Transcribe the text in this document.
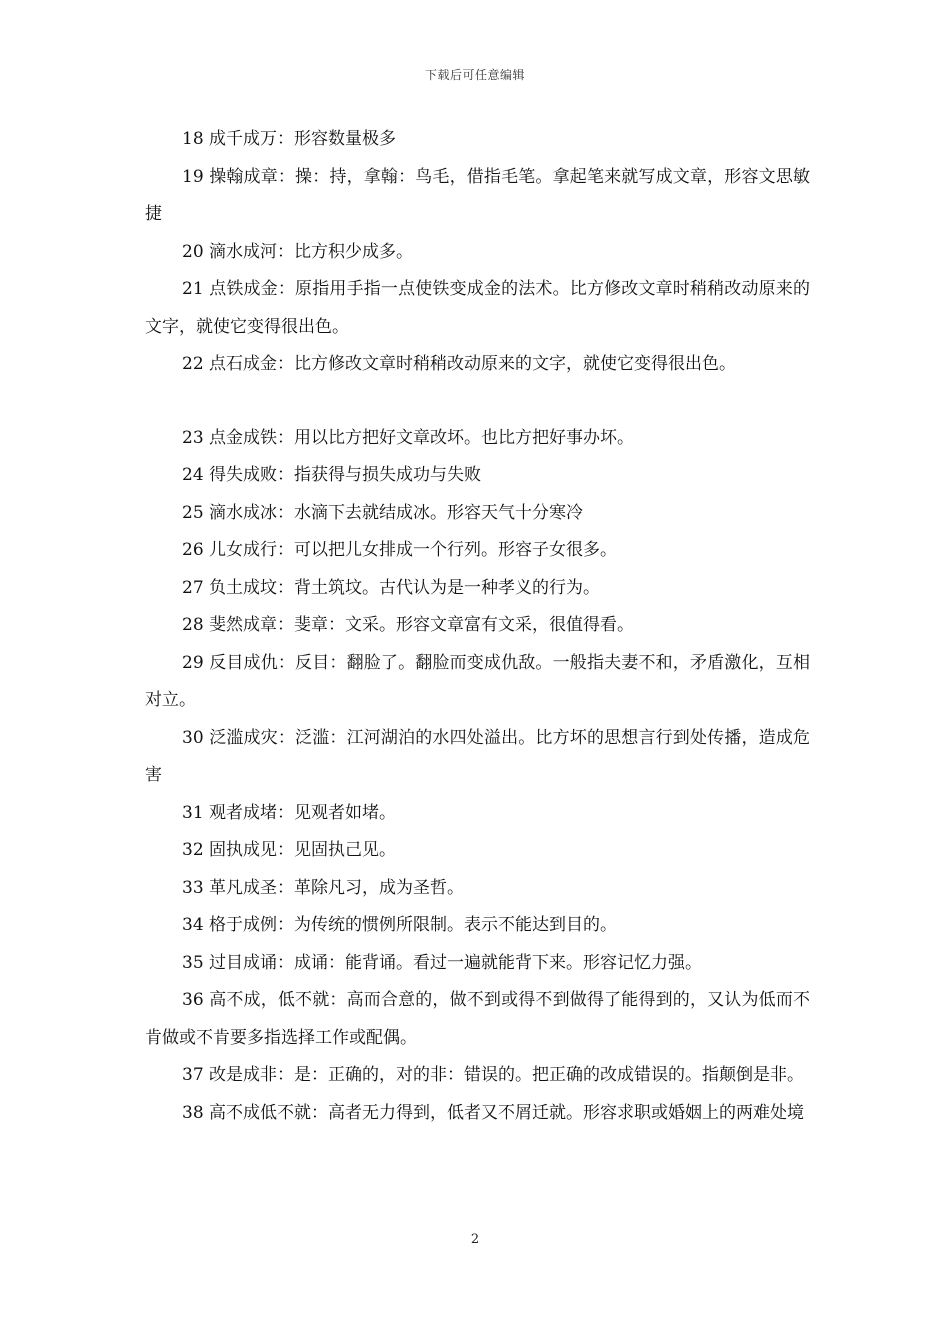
下载后可任意编辑

18 成千成万：形容数量极多

19 操翰成章：操：持，拿翰：鸟毛，借指毛笔。拿起笔来就写成文章，形容文思敏捷

20 滴水成河：比方积少成多。

21 点铁成金：原指用手指一点使铁变成金的法术。比方修改文章时稍稍改动原来的文字，就使它变得很出色。

22 点石成金：比方修改文章时稍稍改动原来的文字，就使它变得很出色。

23 点金成铁：用以比方把好文章改坏。也比方把好事办坏。

24 得失成败：指获得与损失成功与失败

25 滴水成冰：水滴下去就结成冰。形容天气十分寒冷

26 儿女成行：可以把儿女排成一个行列。形容子女很多。

27 负土成坟：背土筑坟。古代认为是一种孝义的行为。

28 斐然成章：斐章：文采。形容文章富有文采，很值得看。

29 反目成仇：反目：翻脸了。翻脸而变成仇敌。一般指夫妻不和，矛盾激化，互相对立。

30 泛滥成灾：泛滥：江河湖泊的水四处溢出。比方坏的思想言行到处传播，造成危害

31 观者成堵：见观者如堵。

32 固执成见：见固执己见。

33 革凡成圣：革除凡习，成为圣哲。

34 格于成例：为传统的惯例所限制。表示不能达到目的。

35 过目成诵：成诵：能背诵。看过一遍就能背下来。形容记忆力强。

36 高不成，低不就：高而合意的，做不到或得不到做得了能得到的，又认为低而不肯做或不肯要多指选择工作或配偶。

37 改是成非：是：正确的，对的非：错误的。把正确的改成错误的。指颠倒是非。

38 高不成低不就：高者无力得到，低者又不屑迁就。形容求职或婚姻上的两难处境

2
